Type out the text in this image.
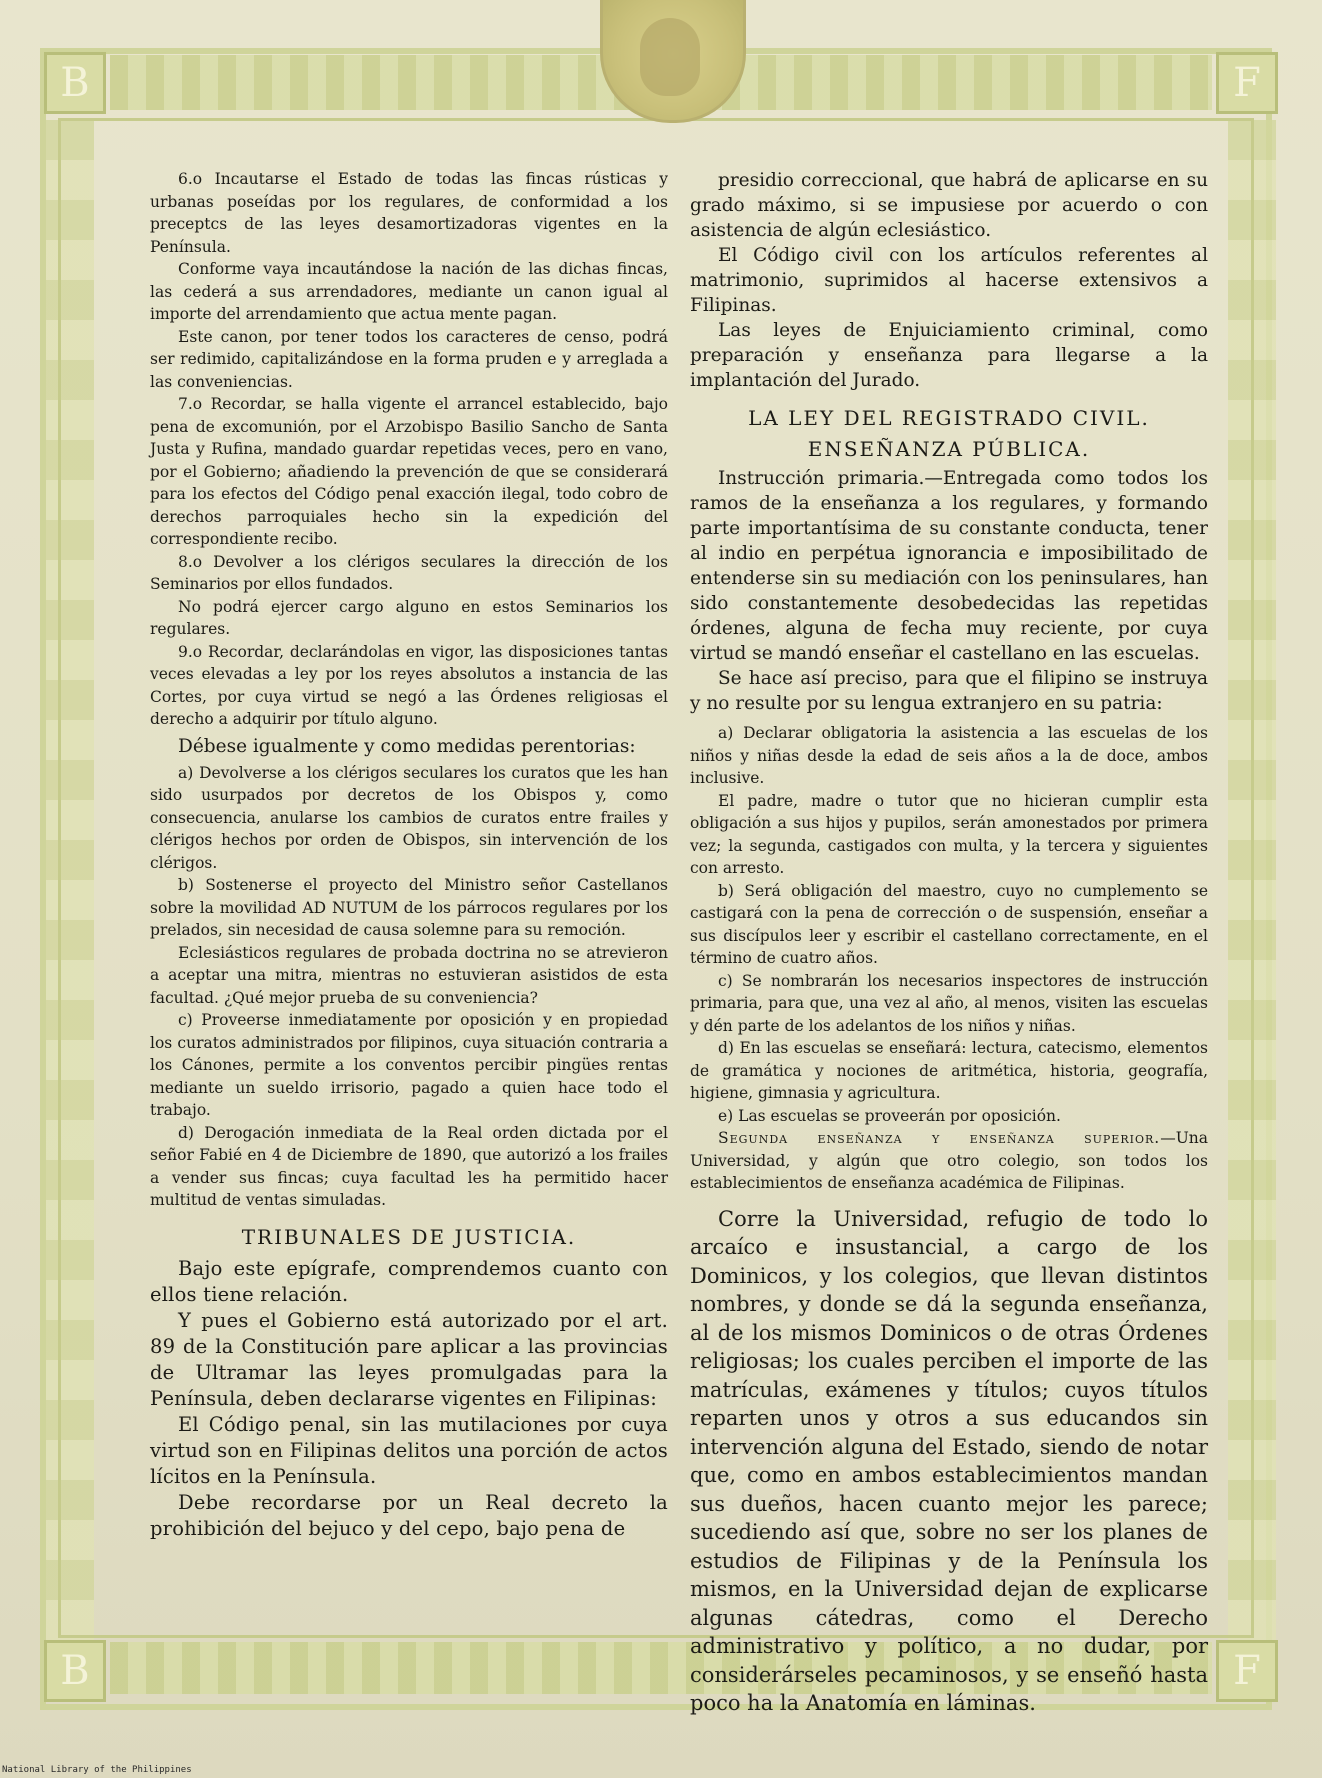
B	F
B	F

6.o Incautarse el Estado de todas las fincas rústicas y urbanas poseídas por los regulares, de conformidad a los preceptcs de las leyes desamortizadoras vigentes en la Península.

Conforme vaya incautándose la nación de las dichas fincas, las cederá a sus arrendadores, mediante un canon igual al importe del arrendamiento que actua mente pagan.

Este canon, por tener todos los caracteres de censo, podrá ser redimido, capitalizándose en la forma pruden e y arreglada a las conveniencias.

7.o Recordar, se halla vigente el arrancel establecido, bajo pena de excomunión, por el Arzobispo Basilio Sancho de Santa Justa y Rufina, mandado guardar repetidas veces, pero en vano, por el Gobierno; añadiendo la prevención de que se considerará para los efectos del Código penal exacción ilegal, todo cobro de derechos parroquiales hecho sin la expedición del correspondiente recibo.

8.o Devolver a los clérigos seculares la dirección de los Seminarios por ellos fundados.

No podrá ejercer cargo alguno en estos Seminarios los regulares.

9.o Recordar, declarándolas en vigor, las disposiciones tantas veces elevadas a ley por los reyes absolutos a instancia de las Cortes, por cuya virtud se negó a las Órdenes religiosas el derecho a adquirir por título alguno.

Débese igualmente y como medidas perentorias:

a) Devolverse a los clérigos seculares los curatos que les han sido usurpados por decretos de los Obispos y, como consecuencia, anularse los cambios de curatos entre frailes y clérigos hechos por orden de Obispos, sin intervención de los clérigos.

b) Sostenerse el proyecto del Ministro señor Castellanos sobre la movilidad AD NUTUM de los párrocos regulares por los prelados, sin necesidad de causa solemne para su remoción.

Eclesiásticos regulares de probada doctrina no se atrevieron a aceptar una mitra, mientras no estuvieran asistidos de esta facultad. ¿Qué mejor prueba de su conveniencia?

c) Proveerse inmediatamente por oposición y en propiedad los curatos administrados por filipinos, cuya situación contraria a los Cánones, permite a los conventos percibir pingües rentas mediante un sueldo irrisorio, pagado a quien hace todo el trabajo.

d) Derogación inmediata de la Real orden dictada por el señor Fabié en 4 de Diciembre de 1890, que autorizó a los frailes a vender sus fincas; cuya facultad les ha permitido hacer multitud de ventas simuladas.

TRIBUNALES DE JUSTICIA.

Bajo este epígrafe, comprendemos cuanto con ellos tiene relación.

Y pues el Gobierno está autorizado por el art. 89 de la Constitución pare aplicar a las provincias de Ultramar las leyes promulgadas para la Península, deben declararse vigentes en Filipinas:

El Código penal, sin las mutilaciones por cuya virtud son en Filipinas delitos una porción de actos lícitos en la Península.

Debe recordarse por un Real decreto la prohibición del bejuco y del cepo, bajo pena de

presidio correccional, que habrá de aplicarse en su grado máximo, si se impusiese por acuerdo o con asistencia de algún eclesiástico.

El Código civil con los artículos referentes al matrimonio, suprimidos al hacerse extensivos a Filipinas.

Las leyes de Enjuiciamiento criminal, como preparación y enseñanza para llegarse a la implantación del Jurado.

LA LEY DEL REGISTRADO CIVIL.
ENSEÑANZA PÚBLICA.

Instrucción primaria.—Entregada como todos los ramos de la enseñanza a los regulares, y formando parte importantísima de su constante conducta, tener al indio en perpétua ignorancia e imposibilitado de entenderse sin su mediación con los peninsulares, han sido constantemente desobedecidas las repetidas órdenes, alguna de fecha muy reciente, por cuya virtud se mandó enseñar el castellano en las escuelas.

Se hace así preciso, para que el filipino se instruya y no resulte por su lengua extranjero en su patria:

a) Declarar obligatoria la asistencia a las escuelas de los niños y niñas desde la edad de seis años a la de doce, ambos inclusive.

El padre, madre o tutor que no hicieran cumplir esta obligación a sus hijos y pupilos, serán amonestados por primera vez; la segunda, castigados con multa, y la tercera y siguientes con arresto.

b) Será obligación del maestro, cuyo no cumplemento se castigará con la pena de corrección o de suspensión, enseñar a sus discípulos leer y escribir el castellano correctamente, en el término de cuatro años.

c) Se nombrarán los necesarios inspectores de instrucción primaria, para que, una vez al año, al menos, visiten las escuelas y dén parte de los adelantos de los niños y niñas.

d) En las escuelas se enseñará: lectura, catecismo, elementos de gramática y nociones de aritmética, historia, geografía, higiene, gimnasia y agricultura.

e) Las escuelas se proveerán por oposición.

Segunda enseñanza y enseñanza superior.—Una Universidad, y algún que otro colegio, son todos los establecimientos de enseñanza académica de Filipinas.

Corre la Universidad, refugio de todo lo arcaíco e insustancial, a cargo de los Dominicos, y los colegios, que llevan distintos nombres, y donde se dá la segunda enseñanza, al de los mismos Dominicos o de otras Órdenes religiosas; los cuales perciben el importe de las matrículas, exámenes y títulos; cuyos títulos reparten unos y otros a sus educandos sin intervención alguna del Estado, siendo de notar que, como en ambos establecimientos mandan sus dueños, hacen cuanto mejor les parece; sucediendo así que, sobre no ser los planes de estudios de Filipinas y de la Península los mismos, en la Universidad dejan de explicarse algunas cátedras, como el Derecho administrativo y político, a no dudar, por considerárseles pecaminosos, y se enseñó hasta poco ha la Anatomía en láminas.

National Library of the Philippines
